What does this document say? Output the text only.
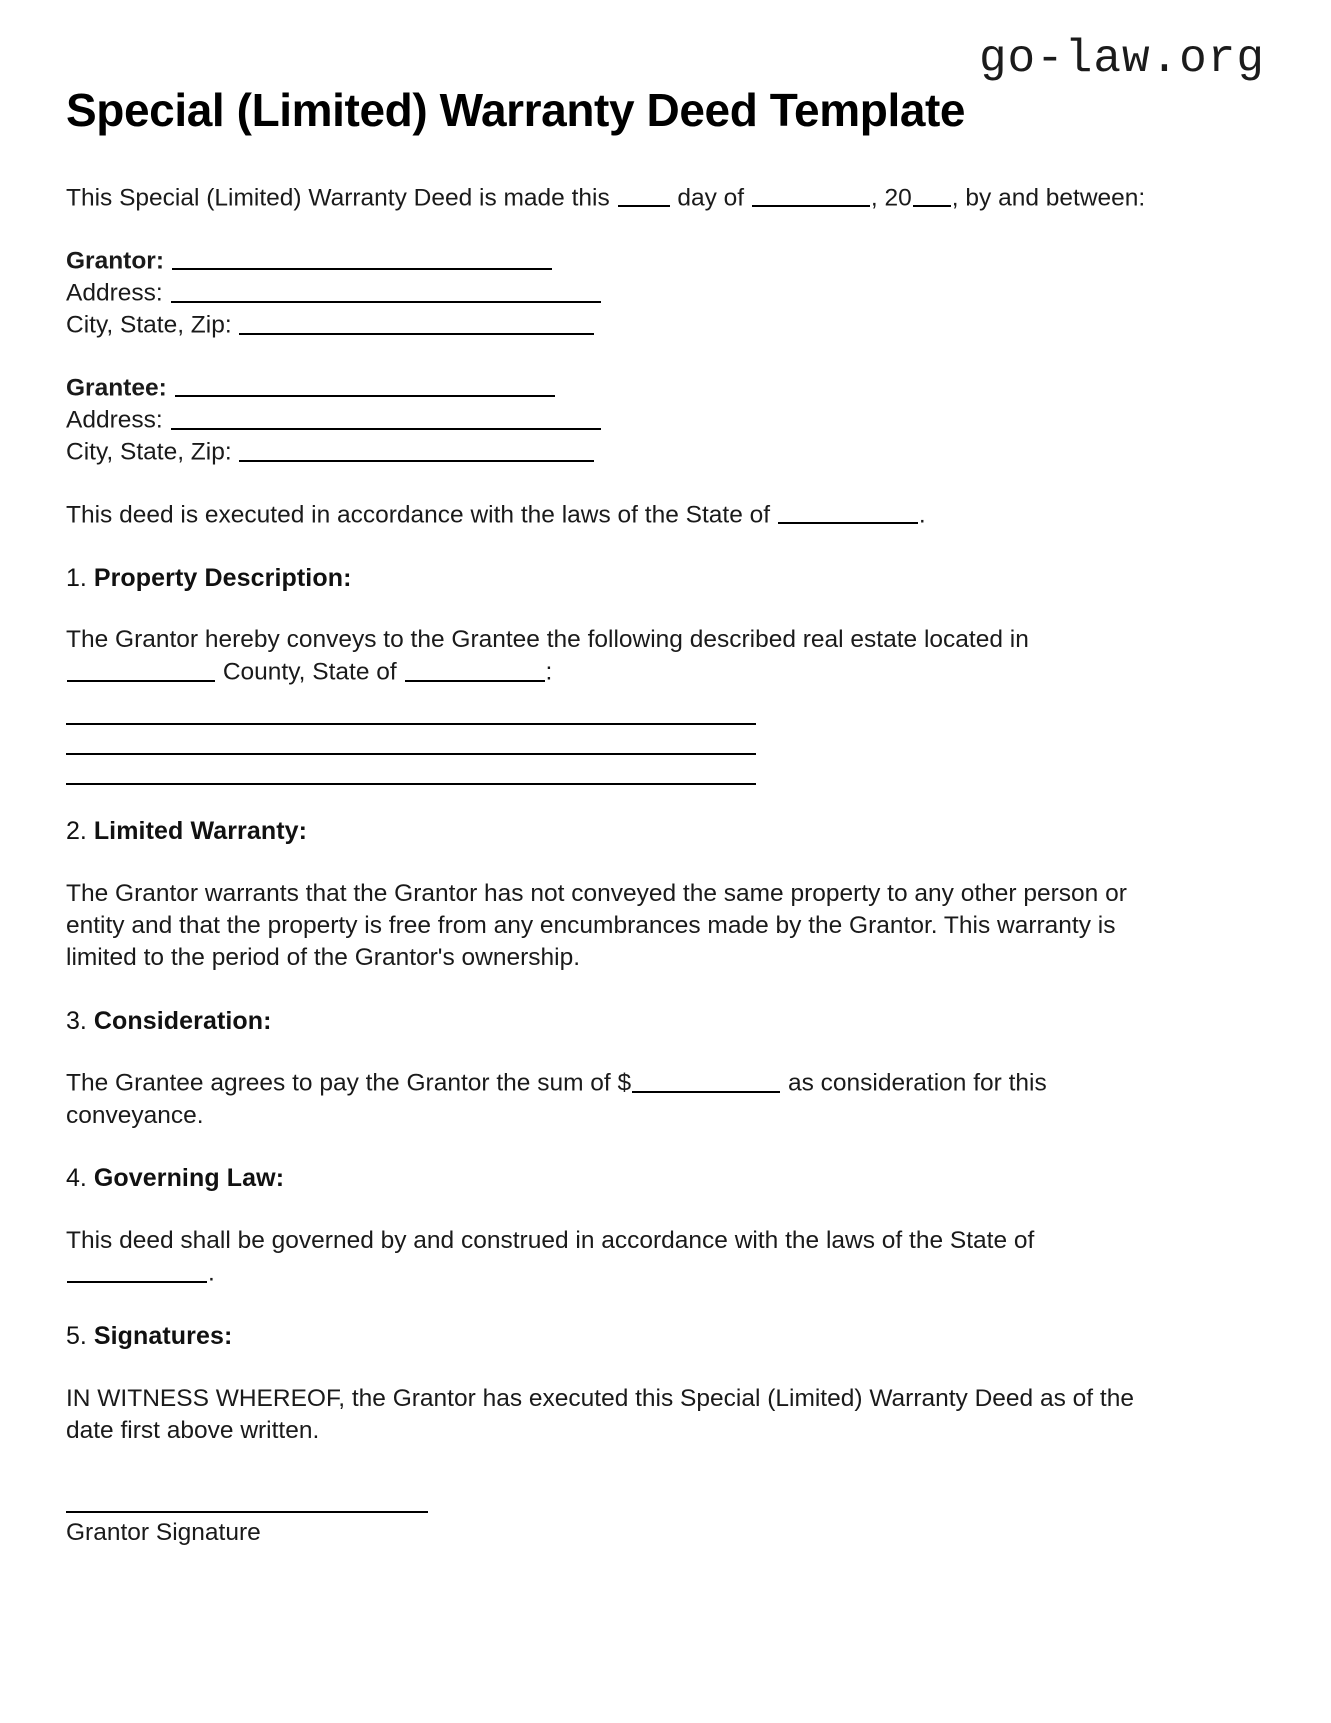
go-law.org
Special (Limited) Warranty Deed Template

This Special (Limited) Warranty Deed is made this	day of	, 20 , by and between:

Grantor:
Address:
City, State, Zip:
Grantee:
Address:
City, State, Zip:

This deed is executed in accordance with the laws of the State of	.

1. Property Description:

The Grantor hereby conveys to the Grantee the following described real estate located in  County, State of	:

2. Limited Warranty:

The Grantor warrants that the Grantor has not conveyed the same property to any other person or entity and that the property is free from any encumbrances made by the Grantor. This warranty is limited to the period of the Grantor's ownership.

3. Consideration:

The Grantee agrees to pay the Grantor the sum of $	as consideration for this conveyance.

4. Governing Law:

This deed shall be governed by and construed in accordance with the laws of the State of .

5. Signatures:

IN WITNESS WHEREOF, the Grantor has executed this Special (Limited) Warranty Deed as of the date first above written.

Grantor Signature
